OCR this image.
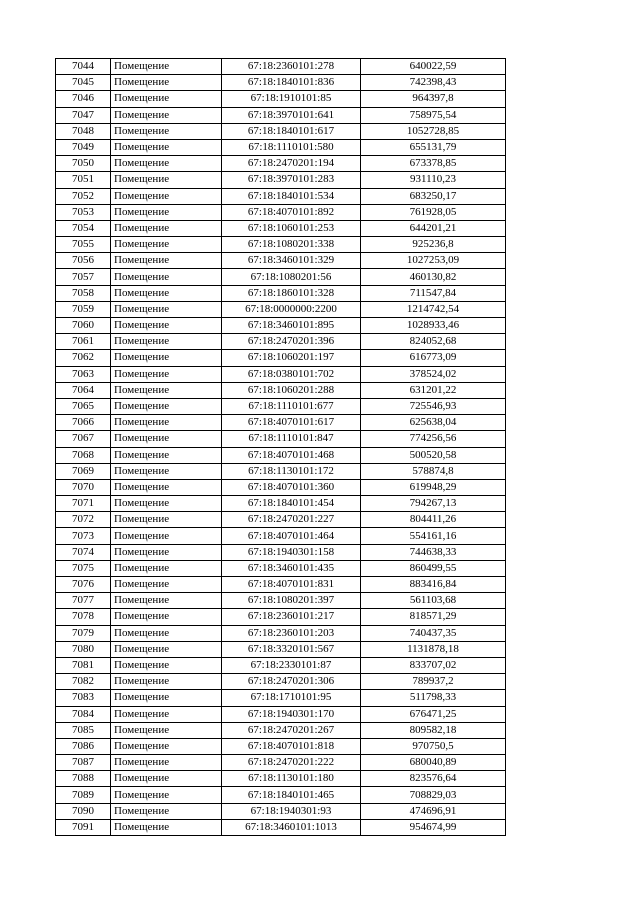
7044	Помещение	67:18:2360101:278	640022,59
7045	Помещение	67:18:1840101:836	742398,43
7046	Помещение	67:18:1910101:85	964397,8
7047	Помещение	67:18:3970101:641	758975,54
7048	Помещение	67:18:1840101:617	1052728,85
7049	Помещение	67:18:1110101:580	655131,79
7050	Помещение	67:18:2470201:194	673378,85
7051	Помещение	67:18:3970101:283	931110,23
7052	Помещение	67:18:1840101:534	683250,17
7053	Помещение	67:18:4070101:892	761928,05
7054	Помещение	67:18:1060101:253	644201,21
7055	Помещение	67:18:1080201:338	925236,8
7056	Помещение	67:18:3460101:329	1027253,09
7057	Помещение	67:18:1080201:56	460130,82
7058	Помещение	67:18:1860101:328	711547,84
7059	Помещение	67:18:0000000:2200	1214742,54
7060	Помещение	67:18:3460101:895	1028933,46
7061	Помещение	67:18:2470201:396	824052,68
7062	Помещение	67:18:1060201:197	616773,09
7063	Помещение	67:18:0380101:702	378524,02
7064	Помещение	67:18:1060201:288	631201,22
7065	Помещение	67:18:1110101:677	725546,93
7066	Помещение	67:18:4070101:617	625638,04
7067	Помещение	67:18:1110101:847	774256,56
7068	Помещение	67:18:4070101:468	500520,58
7069	Помещение	67:18:1130101:172	578874,8
7070	Помещение	67:18:4070101:360	619948,29
7071	Помещение	67:18:1840101:454	794267,13
7072	Помещение	67:18:2470201:227	804411,26
7073	Помещение	67:18:4070101:464	554161,16
7074	Помещение	67:18:1940301:158	744638,33
7075	Помещение	67:18:3460101:435	860499,55
7076	Помещение	67:18:4070101:831	883416,84
7077	Помещение	67:18:1080201:397	561103,68
7078	Помещение	67:18:2360101:217	818571,29
7079	Помещение	67:18:2360101:203	740437,35
7080	Помещение	67:18:3320101:567	1131878,18
7081	Помещение	67:18:2330101:87	833707,02
7082	Помещение	67:18:2470201:306	789937,2
7083	Помещение	67:18:1710101:95	511798,33
7084	Помещение	67:18:1940301:170	676471,25
7085	Помещение	67:18:2470201:267	809582,18
7086	Помещение	67:18:4070101:818	970750,5
7087	Помещение	67:18:2470201:222	680040,89
7088	Помещение	67:18:1130101:180	823576,64
7089	Помещение	67:18:1840101:465	708829,03
7090	Помещение	67:18:1940301:93	474696,91
7091	Помещение	67:18:3460101:1013	954674,99
